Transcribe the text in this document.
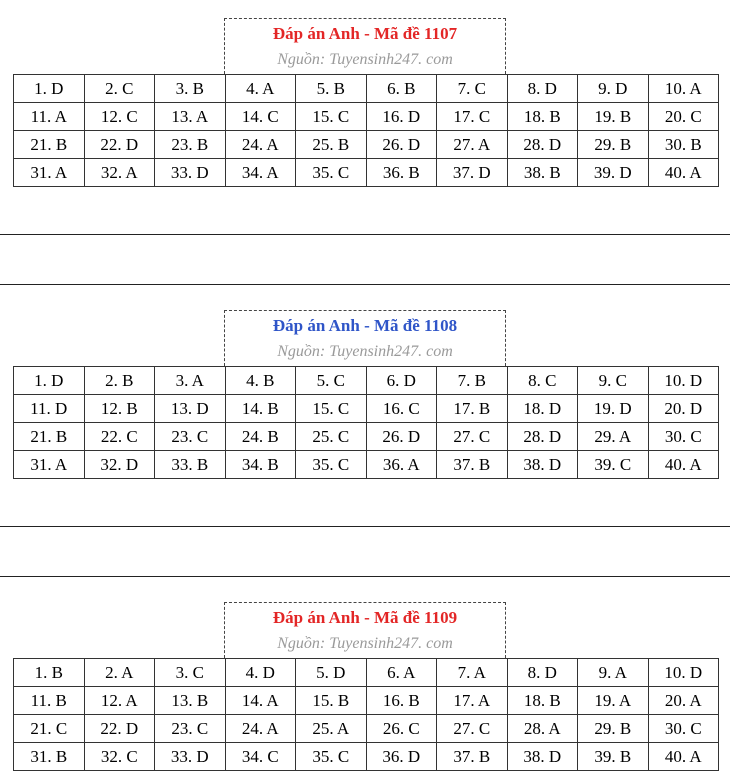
Đáp án Anh - Mã đề 1107
Nguồn: Tuyensinh247. com
1. D	2. C	3. B	4. A	5. B	6. B	7. C	8. D	9. D	10. A
11. A	12. C	13. A	14. C	15. C	16. D	17. C	18. B	19. B	20. C
21. B	22. D	23. B	24. A	25. B	26. D	27. A	28. D	29. B	30. B
31. A	32. A	33. D	34. A	35. C	36. B	37. D	38. B	39. D	40. A
Đáp án Anh - Mã đề 1108
Nguồn: Tuyensinh247. com
1. D	2. B	3. A	4. B	5. C	6. D	7. B	8. C	9. C	10. D
11. D	12. B	13. D	14. B	15. C	16. C	17. B	18. D	19. D	20. D
21. B	22. C	23. C	24. B	25. C	26. D	27. C	28. D	29. A	30. C
31. A	32. D	33. B	34. B	35. C	36. A	37. B	38. D	39. C	40. A
Đáp án Anh - Mã đề 1109
Nguồn: Tuyensinh247. com
1. B	2. A	3. C	4. D	5. D	6. A	7. A	8. D	9. A	10. D
11. B	12. A	13. B	14. A	15. B	16. B	17. A	18. B	19. A	20. A
21. C	22. D	23. C	24. A	25. A	26. C	27. C	28. A	29. B	30. C
31. B	32. C	33. D	34. C	35. C	36. D	37. B	38. D	39. B	40. A
